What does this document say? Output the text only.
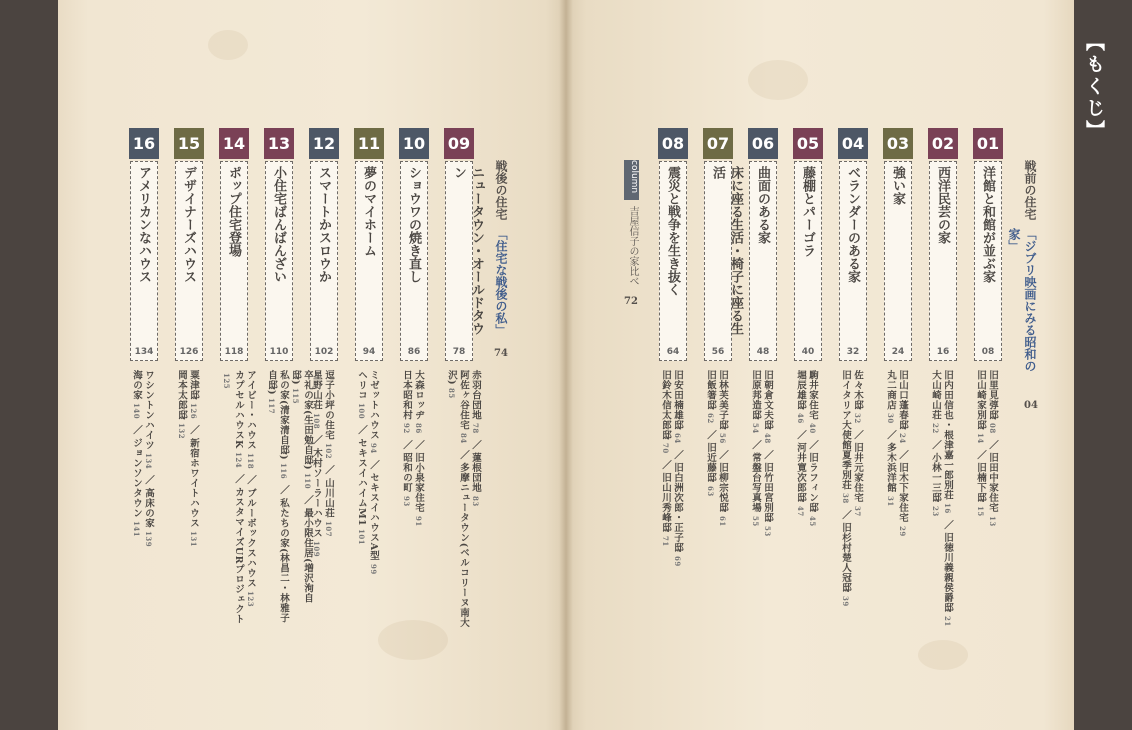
【もくじ】
戦前の住宅
「ジブリ映画にみる昭和の家」
04
戦後の住宅
「住宅な戦後の私」
74
column
吉屋信子の家比べ
72
01
洋館と和館が並ぶ家
08
旧里見弴邸08／旧田中家住宅13
旧山崎家別邸14／旧楠下邸15
02
西洋民芸の家
16
旧内田信也・根津嘉一郎別荘16／旧徳川義親侯爵邸21
大山崎山荘22／小林一三邸23
03
強い家
24
旧山口蓬春邸24／旧木下家住宅29
丸二商店30／多木浜洋館31
04
ベランダーのある家
32
佐々木邸32／旧井元家住宅37
旧イタリア大使館夏季別荘38／旧杉村楚人冠邸39
05
藤棚とパーゴラ
40
駒井家住宅40／旧ラフィン邸45
堀辰雄邸46／河井寛次郎邸47
06
曲面のある家
48
旧朝倉文夫邸48／旧竹田宮別邸53
旧原邦造邸54／常盤台写真場55
07
床に座る生活・椅子に座る生活
56
旧林芙美子邸56／旧柳宗悦邸61
旧飯箸邸62／旧近藤邸63
08
震災と戦争を生き抜く
64
旧安田楠雄邸64／旧白洲次郎・正子邸69
旧鈴木信太郎邸70／旧山川秀峰邸71
09
ニュータウン・オールドタウン
78
赤羽台団地78／蓮根団地83
阿佐ヶ谷住宅84／多摩ニュータウン(ベルコリーヌ南大沢)85
10
ショウワの焼き直し
86
大森ロッヂ86／旧小泉家住宅91
日本昭和村92／昭和の町93
11
夢のマイホーム
94
ミゼットハウス94／セキスイハウスA型99
ヘリコ100／セキスイハイムM1101
12
スマートかスロウか
102
逗子小坪の住宅102／山川山荘107
星野山荘108／木村ソーラーハウス109
13
小住宅ばんばんざい
110
卒礼の家(生田勉自邸)110／最小限住居(増沢洵自邸)115
私の家(清家清自邸)116／私たちの家(林昌二・林雅子自邸)117
14
ポップ住宅登場
118
アイビー・ハウス118／ブルーボックスハウス123
カプセルハウスK124／カスタマイズURプロジェクト125
15
デザイナーズハウス
126
粟津邸126／新宿ホワイトハウス131
岡本太郎邸132
16
アメリカンなハウス
134
ワシントンハイツ134／高床の家139
海の家140／ジョンソンタウン141
